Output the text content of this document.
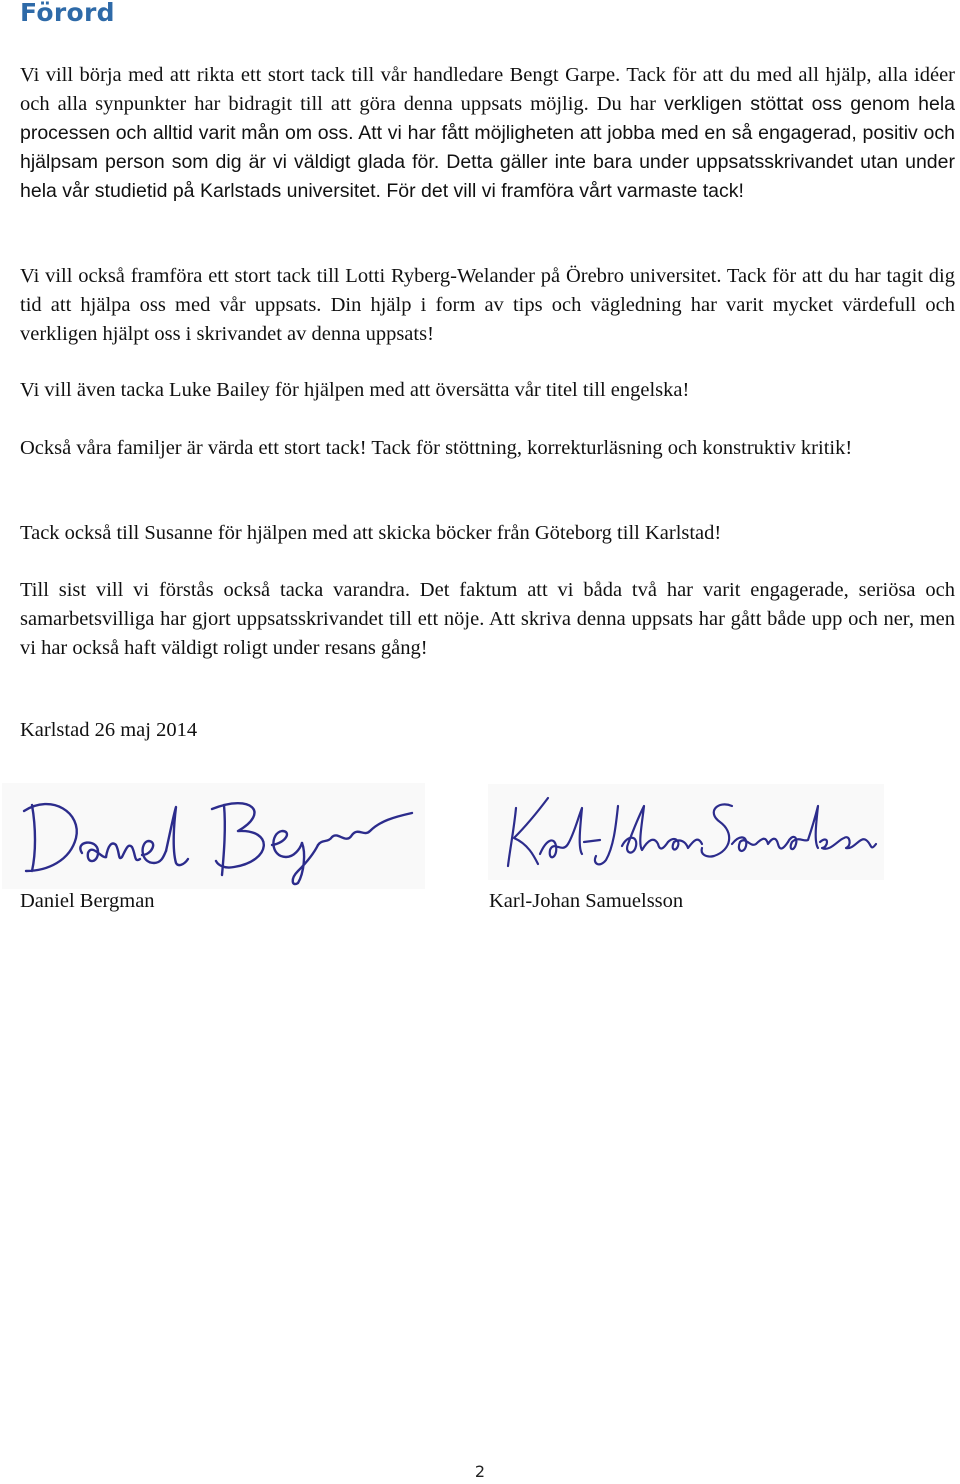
Förord

Vi vill börja med att rikta ett stort tack till vår handledare Bengt Garpe. Tack för att du med all hjälp, alla idéer och alla synpunkter har bidragit till att göra denna uppsats möjlig. Du har verkligen stöttat oss genom hela processen och alltid varit mån om oss. Att vi har fått möjligheten att jobba med en så engagerad, positiv och hjälpsam person som dig är vi väldigt glada för. Detta gäller inte bara under uppsatsskrivandet utan under hela vår studietid på Karlstads universitet. För det vill vi framföra vårt varmaste tack!

Vi vill också framföra ett stort tack till Lotti Ryberg-Welander på Örebro universitet. Tack för att du har tagit dig tid att hjälpa oss med vår uppsats. Din hjälp i form av tips och vägledning har varit mycket värdefull och verkligen hjälpt oss i skrivandet av denna uppsats!

Vi vill även tacka Luke Bailey för hjälpen med att översätta vår titel till engelska!

Också våra familjer är värda ett stort tack! Tack för stöttning, korrekturläsning och konstruktiv kritik!

Tack också till Susanne för hjälpen med att skicka böcker från Göteborg till Karlstad!

Till sist vill vi förstås också tacka varandra. Det faktum att vi båda två har varit engagerade, seriösa och samarbetsvilliga har gjort uppsatsskrivandet till ett nöje. Att skriva denna uppsats har gått både upp och ner, men vi har också haft väldigt roligt under resans gång!

Karlstad 26 maj 2014

Daniel Bergman	Karl-Johan Samuelsson

2
